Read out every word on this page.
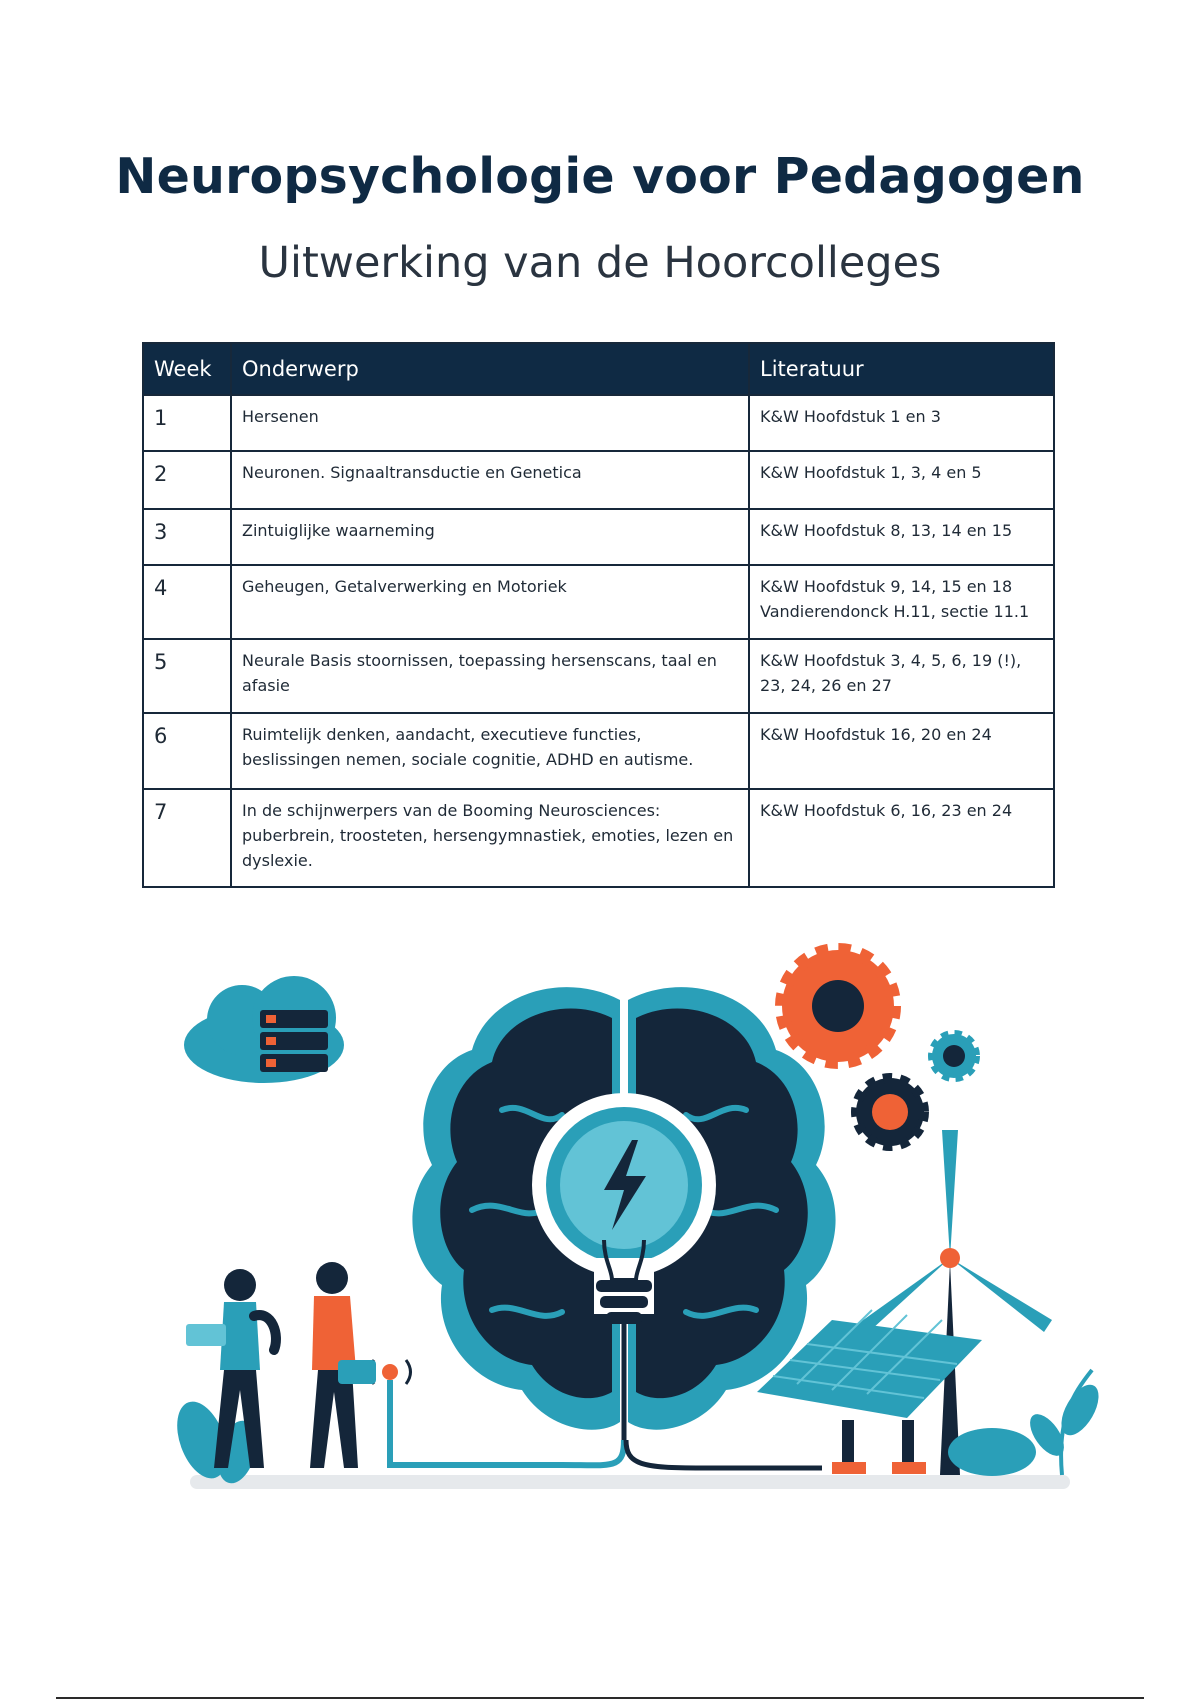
Neuropsychologie voor Pedagogen
Uitwerking van de Hoorcolleges
Week	Onderwerp	Literatuur
1	Hersenen	K&W Hoofdstuk 1 en 3

2	Neuronen. Signaaltransductie en Genetica	K&W Hoofdstuk 1, 3, 4 en 5

3	Zintuiglijke waarneming	K&W Hoofdstuk 8, 13, 14 en 15

4	Geheugen, Getalverwerking en Motoriek	K&W Hoofdstuk 9, 14, 15 en 18
Vandierendonck H.11, sectie 11.1

5	Neurale Basis stoornissen, toepassing hersenscans, taal en afasie	K&W Hoofdstuk 3, 4, 5, 6, 19 (!), 23, 24, 26 en 27

6	Ruimtelijk denken, aandacht, executieve functies, beslissingen nemen, sociale cognitie, ADHD en autisme.	K&W Hoofdstuk 16, 20 en 24

7	In de schijnwerpers van de Booming Neurosciences: puberbrein, troosteten, hersengymnastiek, emoties, lezen en dyslexie.	K&W Hoofdstuk 6, 16, 23 en 24
